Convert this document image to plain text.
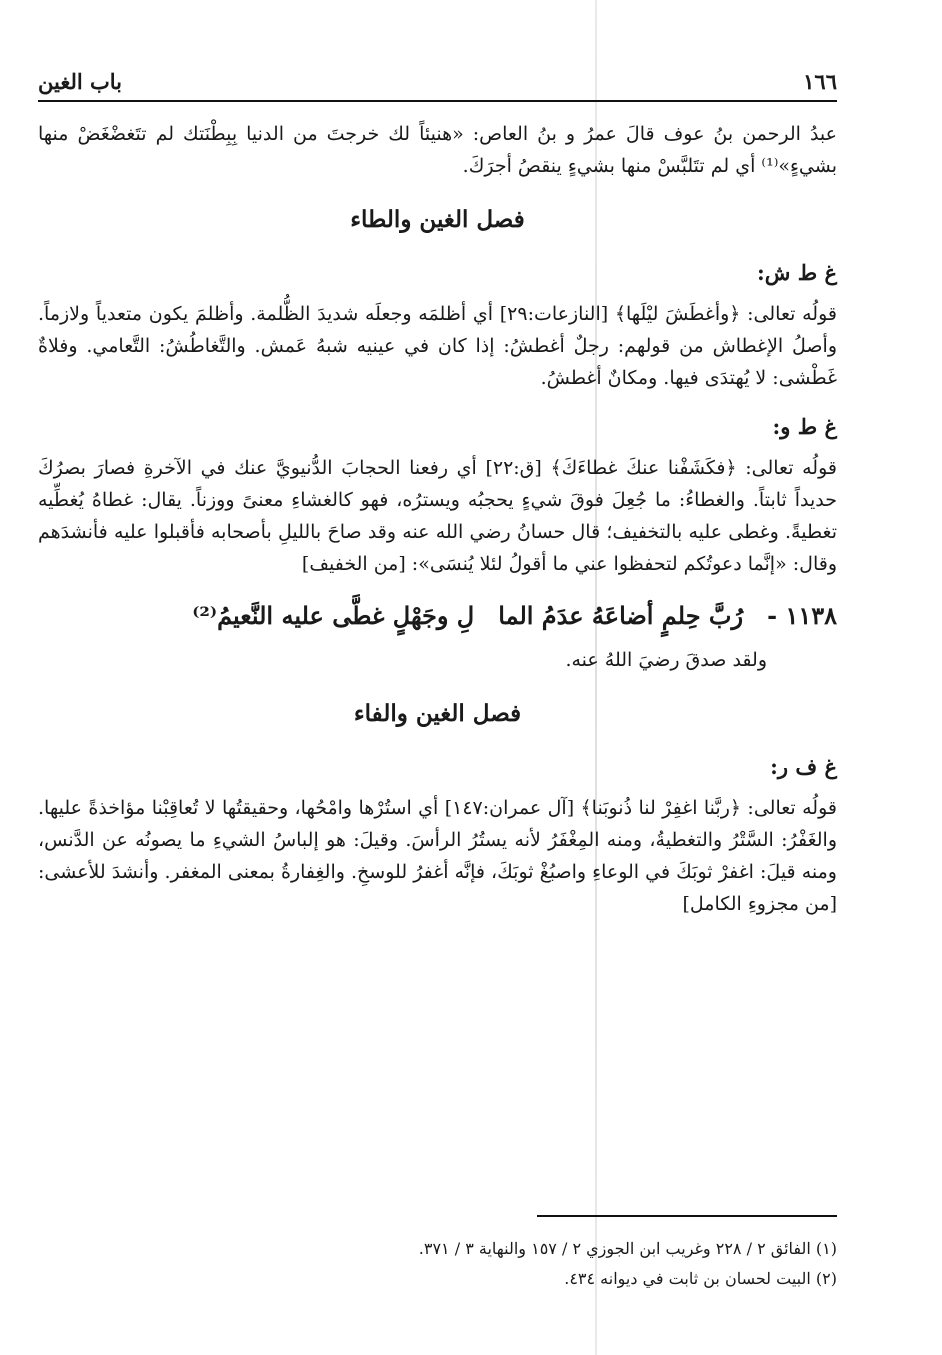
١٦٦
باب الغين

عبدُ الرحمن بنُ عوف قالَ عمرُ و بنُ العاص: «هنيئاً لك خرجتَ من الدنيا بِبِطْنَتك لم تتَغضْغَضْ منها بشيءٍ»⁽¹⁾ أي لم تتَلبَّسْ منها بشيءٍ ينقصُ أجرَكَ.

فصل الغين والطاء
غ ط ش:

قولُه تعالى: ﴿وأغطَشَ ليْلَها﴾ [النازعات:٢٩] أي أظلمَه وجعلَه شديدَ الظُّلمة. وأظلمَ يكون متعدياً ولازماً. وأصلُ الإغطاش من قولهم: رجلٌ أغطشُ: إذا كان في عينيه شبهُ عَمش. والتَّغاطُشُ: التَّعامي. وفلاةٌ غَطْشى: لا يُهتدَى فيها. ومكانٌ أغطشُ.

غ ط و:

قولُه تعالى: ﴿فكَشَفْنا عنكَ غطاءَكَ﴾ [ق:٢٢] أي رفعنا الحجابَ الدُّنيويَّ عنك في الآخرةِ فصارَ بصرُكَ حديداً ثابتاً. والغطاءُ: ما جُعِلَ فوقَ شيءٍ يحجبُه ويسترُه، فهو كالغشاءِ معنىً ووزناً. يقال: غطاهُ يُغطِّيه تغطيةً. وغطى عليه بالتخفيف؛ قال حسانُ رضي الله عنه وقد صاحَ بالليلِ بأصحابه فأقبلوا عليه فأنشدَهم وقال: «إنَّما دعوتُكم لتحفظوا عني ما أقولُ لئلا يُنسَى»: [من الخفيف]

١١٣٨ -
رُبَّ حِلمٍ أضاعَهُ عدَمُ الما
لِ وجَهْلٍ غطَّى عليه النَّعيمُ⁽²⁾

ولقد صدقَ رضيَ اللهُ عنه.

فصل الغين والفاء
غ ف ر:

قولُه تعالى: ﴿ربَّنا اغفِرْ لنا ذُنوبَنا﴾ [آل عمران:١٤٧] أي استُرْها وامْحُها، وحقيقتُها لا تُعاقِبْنا مؤاخذةً عليها. والغَفْرُ: السَّتْرُ والتغطيةُ، ومنه المِغْفَرُ لأنه يستُرُ الرأسَ. وقيلَ: هو إلباسُ الشيءِ ما يصونُه عن الدَّنس، ومنه قيلَ: اغفرْ ثوبَكَ في الوعاءِ واصبُغْ ثوبَكَ، فإنَّه أغفرُ للوسخِ. والغِفارةُ بمعنى المغفر. وأنشدَ للأعشى: [من مجزوءِ الكامل]

(١) الفائق ٢ / ٢٢٨ وغريب ابن الجوزي ٢ / ١٥٧ والنهاية ٣ / ٣٧١.

(٢) البيت لحسان بن ثابت في ديوانه ٤٣٤.
